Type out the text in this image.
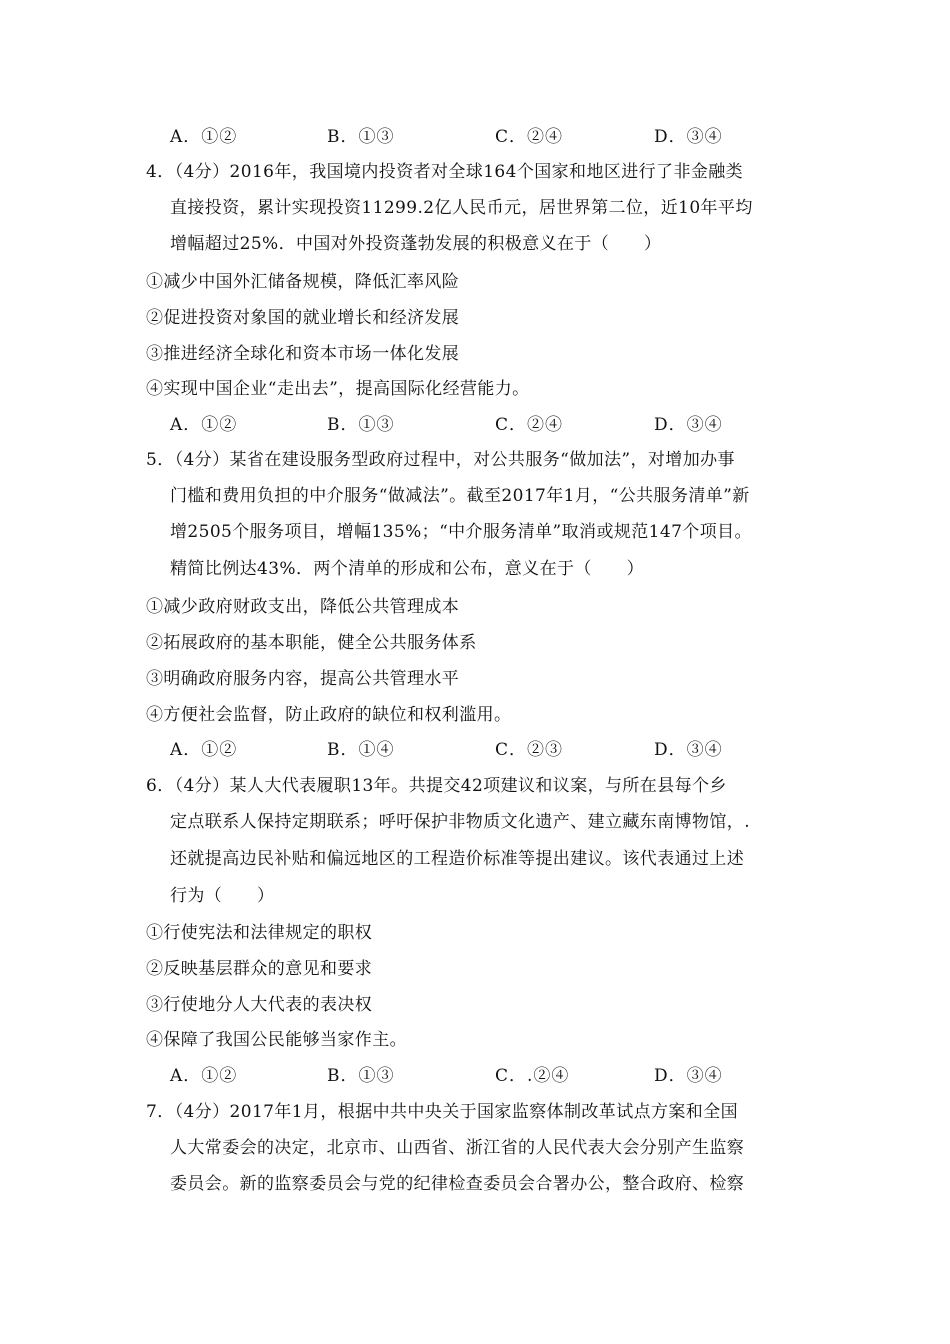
A．①②	B．①③	C．②④	D．③④
4．（4分）2016年，我国境内投资者对全球164个国家和地区进行了非金融类
直接投资，累计实现投资11299.2亿人民币元，居世界第二位，近10年平均
增幅超过25%．中国对外投资蓬勃发展的积极意义在于（　　）
①减少中国外汇储备规模，降低汇率风险
②促进投资对象国的就业增长和经济发展
③推进经济全球化和资本市场一体化发展
④实现中国企业“走出去”，提高国际化经营能力。
A．①②	B．①③	C．②④	D．③④
5．（4分）某省在建设服务型政府过程中，对公共服务“做加法”，对增加办事
门槛和费用负担的中介服务“做减法”。截至2017年1月，“公共服务清单”新
增2505个服务项目，增幅135%；“中介服务清单”取消或规范147个项目。
精简比例达43%．两个清单的形成和公布，意义在于（　　）
①减少政府财政支出，降低公共管理成本
②拓展政府的基本职能，健全公共服务体系
③明确政府服务内容，提高公共管理水平
④方便社会监督，防止政府的缺位和权利滥用。
A．①②	B．①④	C．②③	D．③④
6．（4分）某人大代表履职13年。共提交42项建议和议案，与所在县每个乡
定点联系人保持定期联系；呼吁保护非物质文化遗产、建立藏东南博物馆，.
还就提高边民补贴和偏远地区的工程造价标准等提出建议。该代表通过上述
行为（　　）
①行使宪法和法律规定的职权
②反映基层群众的意见和要求
③行使地分人大代表的表决权
④保障了我国公民能够当家作主。
A．①②	B．①③	C．.②④	D．③④
7．（4分）2017年1月，根据中共中央关于国家监察体制改革试点方案和全国
人大常委会的决定，北京市、山西省、浙江省的人民代表大会分别产生监察
委员会。新的监察委员会与党的纪律检查委员会合署办公，整合政府、检察
